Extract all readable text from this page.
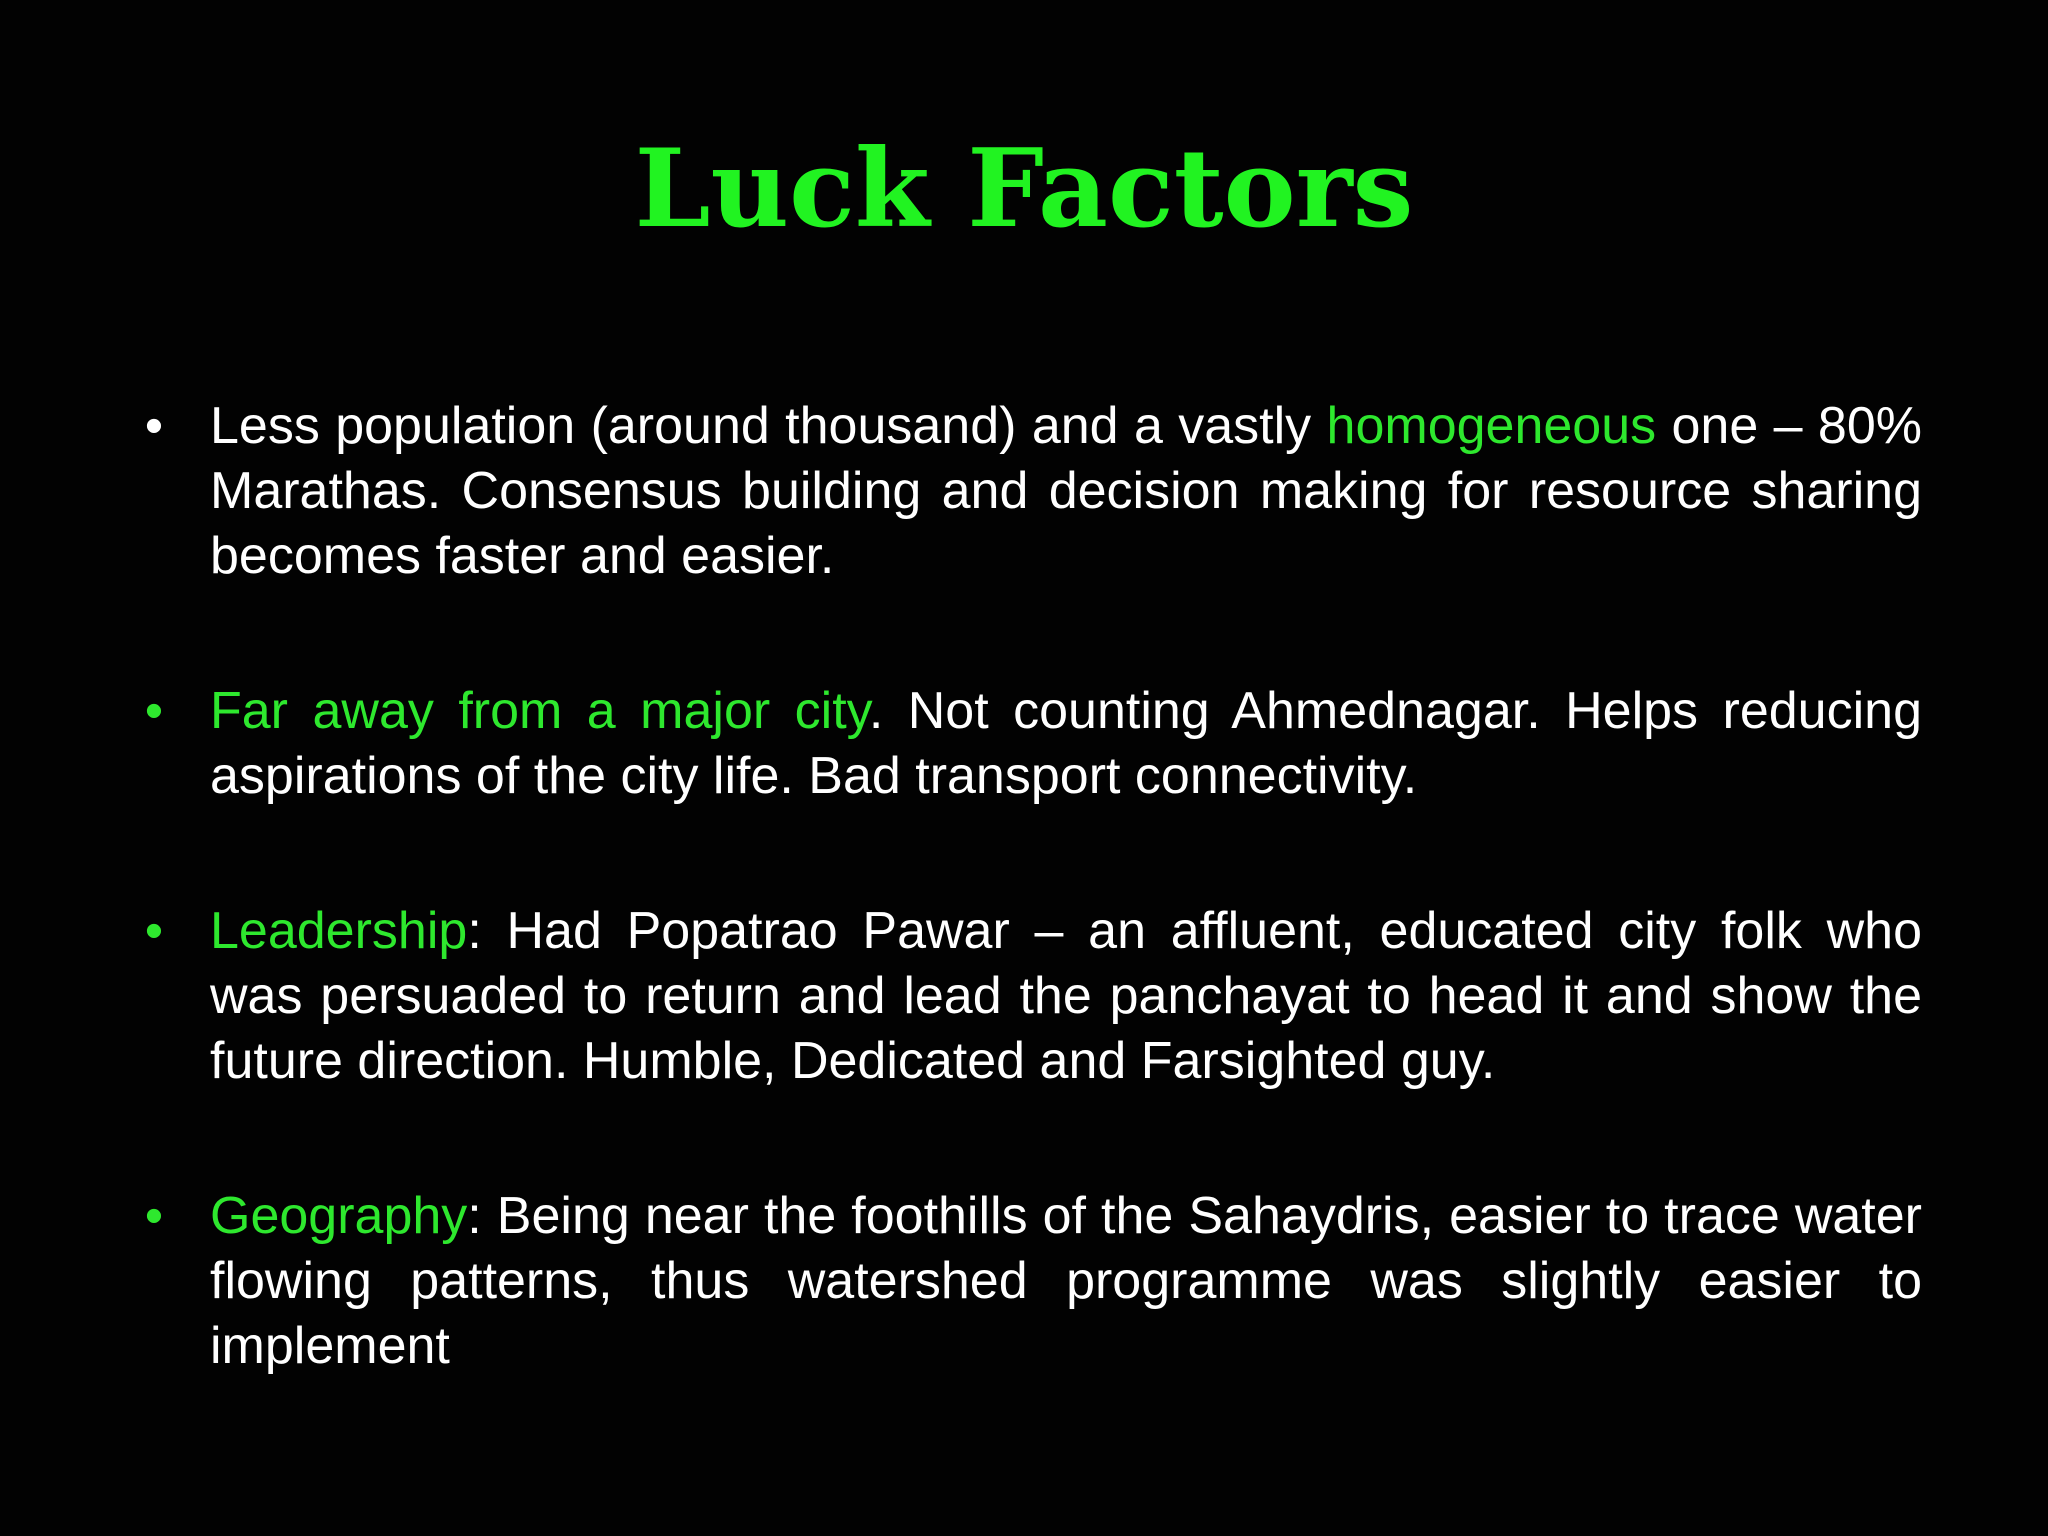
Luck Factors
• Less population (around thousand) and a vastly homogeneous one – 80% Marathas. Consensus building and decision making for resource sharing becomes faster and easier.
• Far away from a major city. Not counting Ahmednagar. Helps reducing aspirations of the city life. Bad transport connectivity.
• Leadership: Had Popatrao Pawar – an affluent, educated city folk who was persuaded to return and lead the panchayat to head it and show the future direction. Humble, Dedicated and Farsighted guy.
• Geography: Being near the foothills of the Sahaydris, easier to trace water flowing patterns, thus watershed programme was slightly easier to implement
